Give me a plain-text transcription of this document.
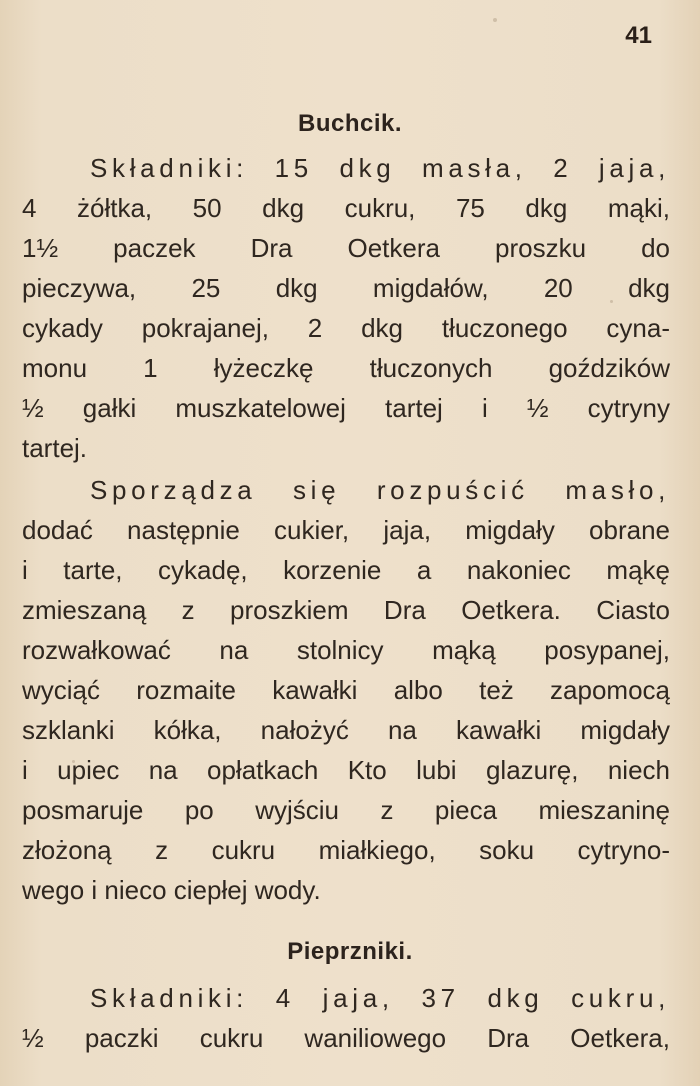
41
Buchcik.
Składniki: 15 dkg masła, 2 jaja,
4 żółtka, 50 dkg cukru, 75 dkg mąki,
1½ paczek Dra Oetkera proszku do
pieczywa, 25 dkg migdałów, 20 dkg
cykady pokrajanej, 2 dkg tłuczonego cyna-
monu 1 łyżeczkę tłuczonych goździków
½ gałki muszkatelowej tartej i ½ cytryny
tartej.
Sporządza się rozpuścić masło,
dodać następnie cukier, jaja, migdały obrane
i tarte, cykadę, korzenie a nakoniec mąkę
zmieszaną z proszkiem Dra Oetkera. Ciasto
rozwałkować na stolnicy mąką posypanej,
wyciąć rozmaite kawałki albo też zapomocą
szklanki kółka, nałożyć na kawałki migdały
i upiec na opłatkach Kto lubi glazurę, niech
posmaruje po wyjściu z pieca mieszaninę
złożoną z cukru miałkiego, soku cytryno-
wego i nieco ciepłej wody.
Pieprzniki.
Składniki: 4 jaja, 37 dkg cukru,
½ paczki cukru waniliowego Dra Oetkera,
